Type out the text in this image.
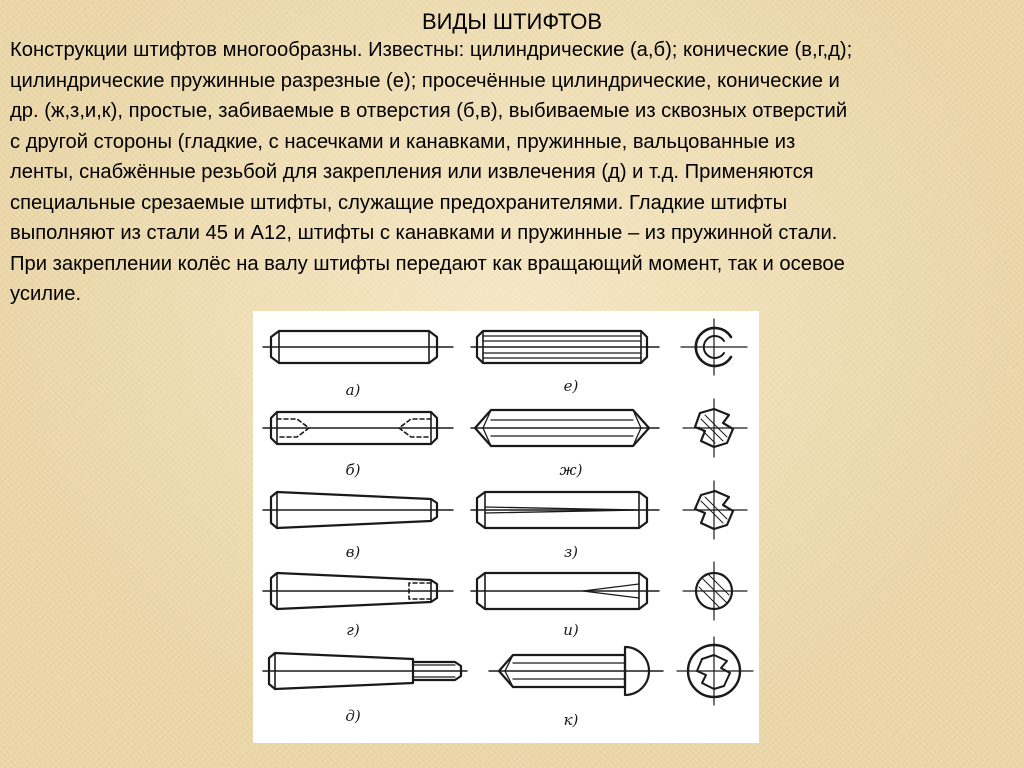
ВИДЫ ШТИФТОВ
Конструкции штифтов многообразны. Известны: цилиндрические (а,б); конические (в,г,д);
цилиндрические пружинные разрезные (е); просечённые цилиндрические, конические и
др. (ж,з,и,к), простые, забиваемые в отверстия (б,в), выбиваемые из сквозных отверстий
с другой стороны (гладкие, с насечками и канавками, пружинные, вальцованные из
ленты, снабжённые резьбой для закрепления или извлечения (д) и т.д. Применяются
специальные срезаемые штифты, служащие предохранителями. Гладкие штифты
выполняют из стали 45 и А12, штифты с канавками и пружинные – из пружинной стали.
При закреплении колёс на валу штифты передают как вращающий момент, так и осевое
усилие.
а)
б)
в)
г)
д)
е)
ж)
з)
и)
к)
